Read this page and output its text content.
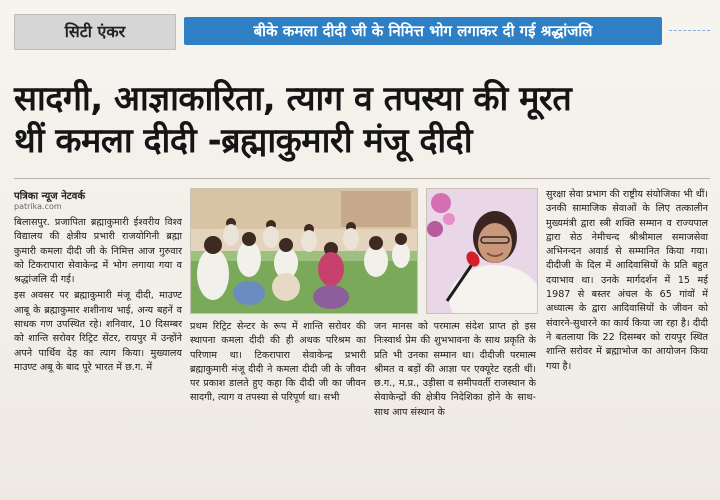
सिटी एंकर	बीके कमला दीदी जी के निमित्त भोग लगाकर दी गई श्रद्धांजलि
सादगी, आज्ञाकारिता, त्याग व तपस्या की मूरत
थीं कमला दीदी -ब्रह्माकुमारी मंजू दीदी
पत्रिका न्यूज नेटवर्क
patrika.com

बिलासपुर. प्रजापिता ब्रह्माकुमारी ईश्वरीय विश्व विद्यालय की क्षेत्रीय प्रभारी राजयोगिनी ब्रह्मा कुमारी कमला दीदी जी के निमित्त आज गुरुवार को टिकरापारा सेवाकेन्द्र में भोग लगाया गया व श्रद्धांजलि दी गई।

इस अवसर पर ब्रह्माकुमारी मंजू दीदी, माउण्ट आबू के ब्रह्माकुमार शशीनाथ भाई, अन्य बहनें व साधक गण उपस्थित रहे। शनिवार, 10 दिसम्बर को शान्ति सरोवर रिट्रिट सेंटर, रायपुर में उन्होंने अपने पार्थिव देह का त्याग किया। मुख्यालय माउण्ट अबू के बाद पूरे भारत में छ.ग. में

प्रथम रिट्रिट सेन्टर के रूप में शान्ति सरोवर की स्थापना कमला दीदी की ही अथक परिश्रम का परिणाम था। टिकरापारा सेवाकेन्द्र प्रभारी ब्रह्माकुमारी मंजू दीदी ने कमला दीदी जी के जीवन पर प्रकाश डालते हुए कहा कि दीदी जी का जीवन सादगी, त्याग व तपस्या से परिपूर्ण था। सभी
जन मानस को परमात्म संदेश प्राप्त हो इस निःस्वार्थ प्रेम की शुभभावना के साथ प्रकृति के प्रति भी उनका सम्मान था। दीदीजी परमात्म श्रीमत व बड़ों की आज्ञा पर एक्यूरेट रहती थीं। छ.ग., म.प्र., उड़ीसा व समीपवर्ती राजस्थान के सेवाकेन्द्रों की क्षेत्रीय निदेशिका होने के साथ-साथ आप संस्थान के
सुरक्षा सेवा प्रभाग की राष्ट्रीय संयोजिका भी थीं। उनकी सामाजिक सेवाओं के लिए तत्कालीन मुख्यमंत्री द्वारा स्त्री शक्ति सम्मान व राज्यपाल द्वारा सेठ नेमीचन्द श्रीश्रीमाल समाजसेवा अभिनन्दन अवार्ड से सम्मानित किया गया। दीदीजी के दिल में आदिवासियों के प्रति बहुत दयाभाव था। उनके मार्गदर्शन में 15 मई 1987 से बस्तर अंचल के 65 गांवों में अध्यात्म के द्वारा आदिवासियों के जीवन को संवारने-सुधारने का कार्य किया जा रहा है। दीदी ने बतलाया कि 22 दिसम्बर को रायपुर स्थित शान्ति सरोवर में ब्रह्माभोज का आयोजन किया गया है।
